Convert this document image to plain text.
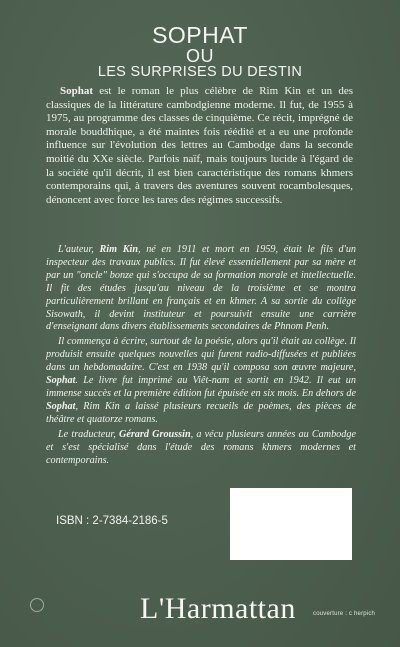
SOPHAT
OU
LES SURPRISES DU DESTIN

Sophat est le roman le plus célèbre de Rim Kin et un des classiques de la littérature cambodgienne moderne. Il fut, de 1955 à 1975, au programme des classes de cinquième. Ce récit, imprégné de morale bouddhique, a été maintes fois réédité et a eu une profonde influence sur l'évolution des lettres au Cambodge dans la seconde moitié du XXe siècle. Parfois naïf, mais toujours lucide à l'égard de la société qu'il décrit, il est bien caractéristique des romans khmers contemporains qui, à travers des aventures souvent rocambolesques, dénoncent avec force les tares des régimes successifs.

L'auteur, Rim Kin, né en 1911 et mort en 1959, était le fils d'un inspecteur des travaux publics. Il fut élevé essentiellement par sa mère et par un "oncle" bonze qui s'occupa de sa formation morale et intellectuelle. Il fit des études jusqu'au niveau de la troisième et se montra particulièrement brillant en français et en khmer. A sa sortie du collège Sisowath, il devint instituteur et poursuivit ensuite une carrière d'enseignant dans divers établissements secondaires de Phnom Penh.

Il commença à écrire, surtout de la poésie, alors qu'il était au collège. Il produisit ensuite quelques nouvelles qui furent radio-diffusées et publiées dans un hebdomadaire. C'est en 1938 qu'il composa son œuvre majeure, Sophat. Le livre fut imprimé au Viêt-nam et sortit en 1942. Il eut un immense succès et la première édition fut épuisée en six mois. En dehors de Sophat, Rim Kin a laissé plusieurs recueils de poèmes, des pièces de théâtre et quatorze romans.

Le traducteur, Gérard Groussin, a vécu plusieurs années au Cambodge et s'est spécialisé dans l'étude des romans khmers modernes et contemporains.

ISBN : 2-7384-2186-5
L'Harmattan	couverture : c herpich
